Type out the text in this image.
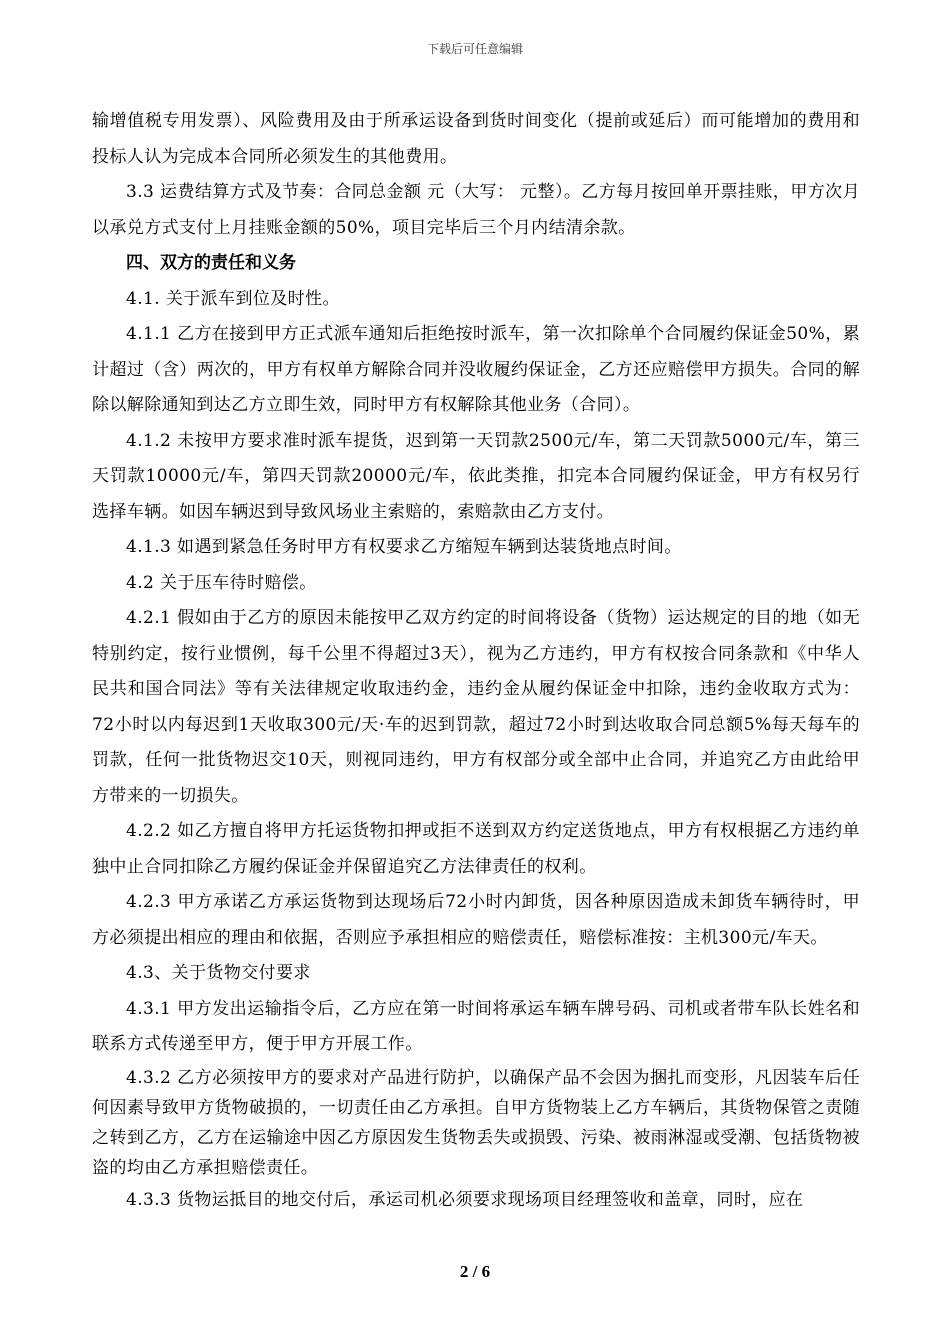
下载后可任意编辑

输增值税专用发票）、风险费用及由于所承运设备到货时间变化（提前或延后）而可能增加的费用和投标人认为完成本合同所必须发生的其他费用。

3.3 运费结算方式及节奏：合同总金额 元（大写： 元整）。乙方每月按回单开票挂账，甲方次月以承兑方式支付上月挂账金额的50%，项目完毕后三个月内结清余款。

四、双方的责任和义务

4.1. 关于派车到位及时性。

4.1.1 乙方在接到甲方正式派车通知后拒绝按时派车，第一次扣除单个合同履约保证金50%，累计超过（含）两次的，甲方有权单方解除合同并没收履约保证金，乙方还应赔偿甲方损失。合同的解除以解除通知到达乙方立即生效，同时甲方有权解除其他业务（合同）。

4.1.2 未按甲方要求准时派车提货，迟到第一天罚款2500元/车，第二天罚款5000元/车，第三天罚款10000元/车，第四天罚款20000元/车，依此类推，扣完本合同履约保证金，甲方有权另行选择车辆。如因车辆迟到导致风场业主索赔的，索赔款由乙方支付。

4.1.3 如遇到紧急任务时甲方有权要求乙方缩短车辆到达装货地点时间。

4.2 关于压车待时赔偿。

4.2.1 假如由于乙方的原因未能按甲乙双方约定的时间将设备（货物）运达规定的目的地（如无特别约定，按行业惯例，每千公里不得超过3天），视为乙方违约，甲方有权按合同条款和《中华人民共和国合同法》等有关法律规定收取违约金，违约金从履约保证金中扣除，违约金收取方式为：72小时以内每迟到1天收取300元/天·车的迟到罚款，超过72小时到达收取合同总额5%每天每车的罚款，任何一批货物迟交10天，则视同违约，甲方有权部分或全部中止合同，并追究乙方由此给甲方带来的一切损失。

4.2.2 如乙方擅自将甲方托运货物扣押或拒不送到双方约定送货地点，甲方有权根据乙方违约单独中止合同扣除乙方履约保证金并保留追究乙方法律责任的权利。

4.2.3 甲方承诺乙方承运货物到达现场后72小时内卸货，因各种原因造成未卸货车辆待时，甲方必须提出相应的理由和依据，否则应予承担相应的赔偿责任，赔偿标准按：主机300元/车天。

4.3、关于货物交付要求

4.3.1 甲方发出运输指令后，乙方应在第一时间将承运车辆车牌号码、司机或者带车队长姓名和联系方式传递至甲方，便于甲方开展工作。

4.3.2 乙方必须按甲方的要求对产品进行防护，以确保产品不会因为捆扎而变形，凡因装车后任何因素导致甲方货物破损的，一切责任由乙方承担。自甲方货物装上乙方车辆后，其货物保管之责随之转到乙方，乙方在运输途中因乙方原因发生货物丢失或损毁、污染、被雨淋湿或受潮、包括货物被盗的均由乙方承担赔偿责任。

4.3.3 货物运抵目的地交付后，承运司机必须要求现场项目经理签收和盖章，同时，应在

2 / 6
